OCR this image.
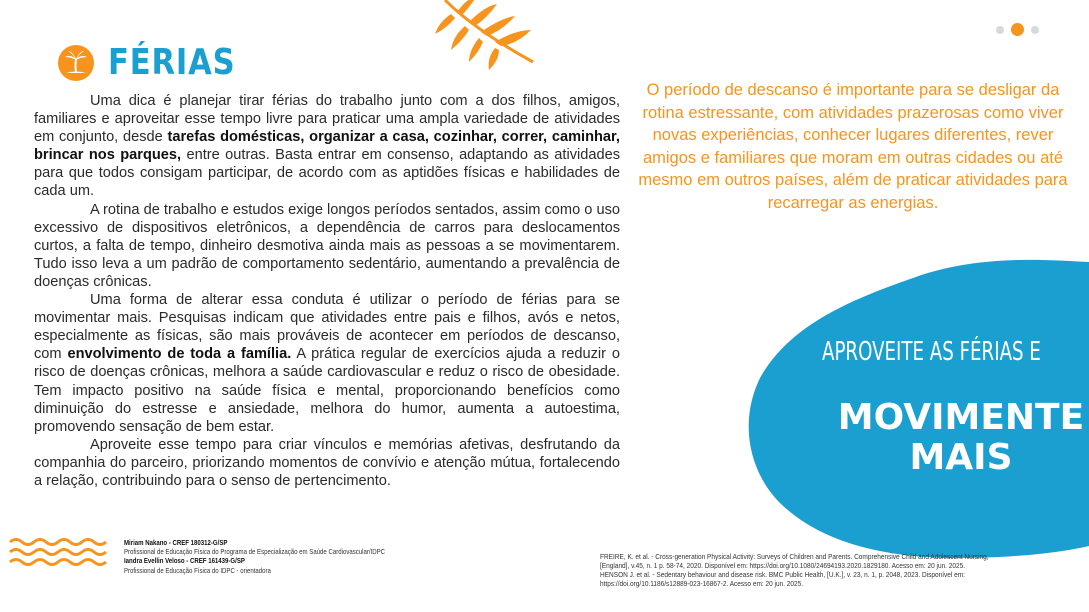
FÉRIAS

Uma dica é planejar tirar férias do trabalho junto com a dos filhos, amigos, familiares e aproveitar esse tempo livre para praticar uma ampla variedade de atividades em conjunto, desde tarefas domésticas, organizar a casa, cozinhar, correr, caminhar, brincar nos parques, entre outras. Basta entrar em consenso, adaptando as atividades para que todos consigam participar, de acordo com as aptidões físicas e habilidades de cada um.

A rotina de trabalho e estudos exige longos períodos sentados, assim como o uso excessivo de dispositivos eletrônicos, a dependência de carros para deslocamentos curtos, a falta de tempo, dinheiro desmotiva ainda mais as pessoas a se movimentarem. Tudo isso leva a um padrão de comportamento sedentário, aumentando a prevalência de doenças crônicas.

Uma forma de alterar essa conduta é utilizar o período de férias para se movimentar mais. Pesquisas indicam que atividades entre pais e filhos, avós e netos, especialmente as físicas, são mais prováveis de acontecer em períodos de descanso, com envolvimento de toda a família. A prática regular de exercícios ajuda a reduzir o risco de doenças crônicas, melhora a saúde cardiovascular e reduz o risco de obesidade. Tem impacto positivo na saúde física e mental, proporcionando benefícios como diminuição do estresse e ansiedade, melhora do humor, aumenta a autoestima, promovendo sensação de bem estar.

Aproveite esse tempo para criar vínculos e memórias afetivas, desfrutando da companhia do parceiro, priorizando momentos de convívio e atenção mútua, fortalecendo a relação, contribuindo para o senso de pertencimento.

O período de descanso é importante para se desligar da rotina estressante, com atividades prazerosas como viver novas experiências, conhecer lugares diferentes, rever amigos e familiares que moram em outras cidades ou até mesmo em outros países, além de praticar atividades para recarregar as energias.
APROVEITE AS FÉRIAS E
MOVIMENTE
MAIS
Miriam Nakano - CREF 180312-G/SP
Profissional de Educação Física do Programa de Especialização em Saúde Cardiovascular/IDPC
Iandra Evellin Veloso - CREF 161439-G/SP
Profissional de Educação Física do IDPC - orientadora
FREIRE, K. et al. - Cross-generation Physical Activity: Surveys of Children and Parents. Comprehensive Child and Adolescent Nursing, [England], v.45, n. 1 p. 58-74, 2020. Disponível em: https://doi.org/10.1080/24694193.2020.1829180. Acesso em: 20 jun. 2025.
HENSON J. et al. - Sedentary behaviour and disease risk. BMC Public Health, [U.K.], v. 23, n. 1, p. 2048, 2023. Disponível em: https://doi.org/10.1186/s12889-023-16867-2. Acesso em: 20 jun. 2025.
